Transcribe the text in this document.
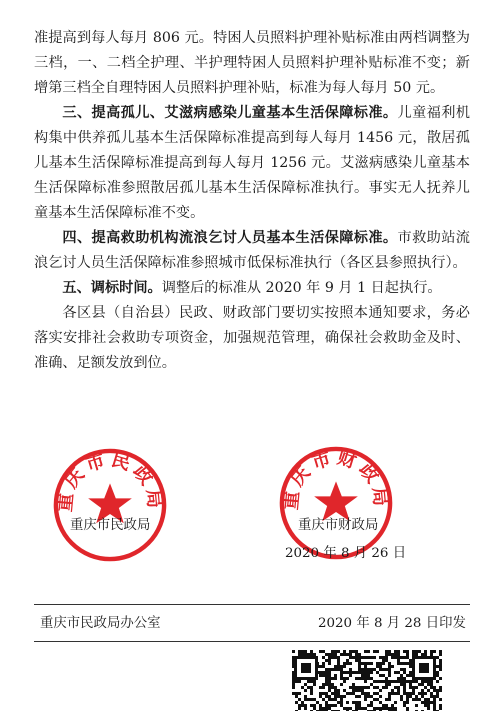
准提高到每人每月 806 元。特困人员照料护理补贴标准由两档调整为三档，一、二档全护理、半护理特困人员照料护理补贴标准不变；新增第三档全自理特困人员照料护理补贴，标准为每人每月 50 元。

三、提高孤儿、艾滋病感染儿童基本生活保障标准。儿童福利机构集中供养孤儿基本生活保障标准提高到每人每月 1456 元，散居孤儿基本生活保障标准提高到每人每月 1256 元。艾滋病感染儿童基本生活保障标准参照散居孤儿基本生活保障标准执行。事实无人抚养儿童基本生活保障标准不变。

四、提高救助机构流浪乞讨人员基本生活保障标准。市救助站流浪乞讨人员生活保障标准参照城市低保标准执行（各区县参照执行）。

五、调标时间。调整后的标准从 2020 年 9 月 1 日起执行。

各区县（自治县）民政、财政部门要切实按照本通知要求，务必落实安排社会救助专项资金，加强规范管理，确保社会救助金及时、准确、足额发放到位。

重庆市民政局	重庆市财政局
重庆市民政局	重庆市财政局
2020 年 8 月 26 日
重庆市民政局办公室	2020 年 8 月 28 日印发
